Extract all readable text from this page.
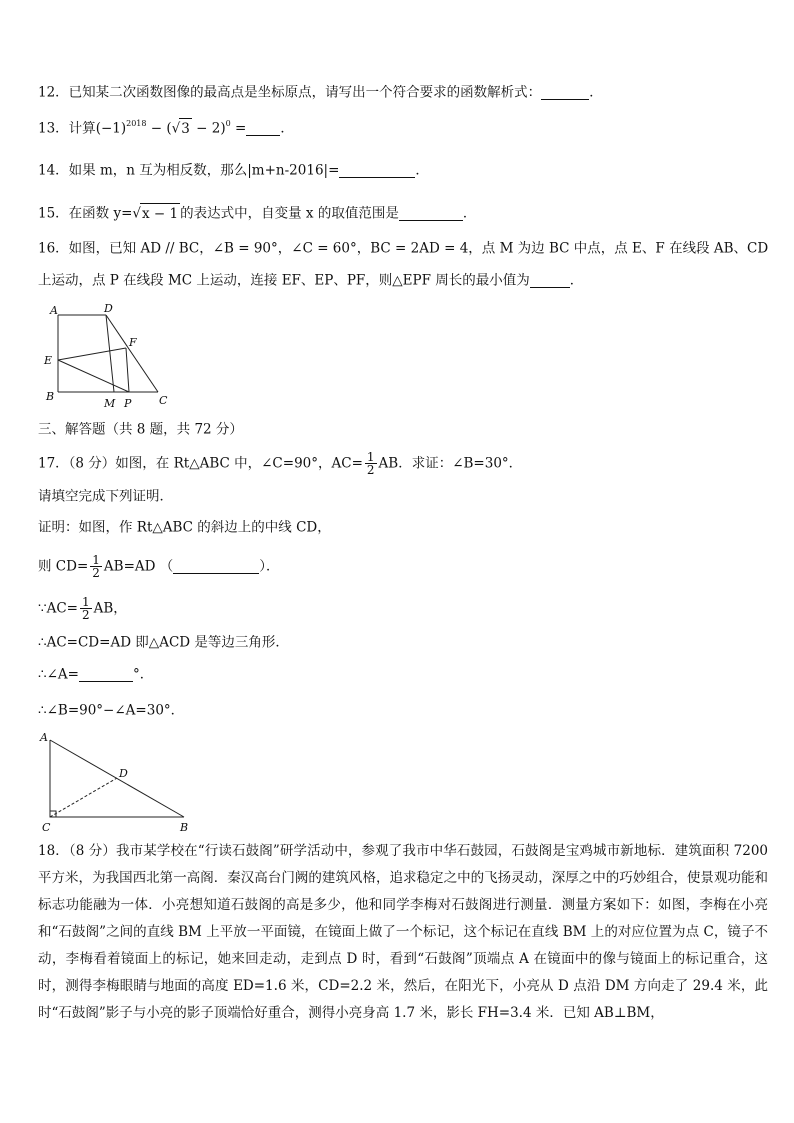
12．已知某二次函数图像的最高点是坐标原点，请写出一个符合要求的函数解析式：	．
13．计算$(-1)^{2018} - (√3 - 2)^0$ =	．
14．如果 m，n 互为相反数，那么|m+n-2016|=	．
15．在函数 y=√x − 1 的表达式中，自变量 x 的取值范围是	．
16．如图，已知 AD // BC，∠B = 90°，∠C = 60°，BC = 2AD = 4，点 M 为边 BC 中点，点 E、F 在线段 AB、CD
上运动，点 P 在线段 MC 上运动，连接 EF、EP、PF，则△EPF 周长的最小值为	．
A	D
F
E
B
M P	C
三、解答题（共 8 题，共 72 分）
17．（8 分）如图，在 Rt△ABC 中，∠C=90°，$AC= \frac{1}{2}$ AB．求证：∠B=30°．
请填空完成下列证明．
证明：如图，作 Rt△ABC 的斜边上的中线 CD，
则 $CD= \frac{1}{2} AB=AD$ （	）．
∵AC= $\frac{1}{2}$ AB，
∴AC=CD=AD 即△ACD 是等边三角形．
∴∠A=	°．
∴∠B=90°−∠A=30°．
A
D
C	B
18．（8 分）我市某学校在“行读石鼓阁”研学活动中，参观了我市中华石鼓园，石鼓阁是宝鸡城市新地标．建筑面积 7200 平方米，为我国西北第一高阁．秦汉高台门阙的建筑风格，追求稳定之中的飞扬灵动，深厚之中的巧妙组合，使景观功能和标志功能融为一体．小亮想知道石鼓阁的高是多少，他和同学李梅对石鼓阁进行测量．测量方案如下：如图，李梅在小亮和“石鼓阁”之间的直线 BM 上平放一平面镜，在镜面上做了一个标记，这个标记在直线 BM 上的对应位置为点 C，镜子不动，李梅看着镜面上的标记，她来回走动，走到点 D 时，看到“石鼓阁”顶端点 A 在镜面中的像与镜面上的标记重合，这时，测得李梅眼睛与地面的高度 ED=1.6 米，CD=2.2 米，然后，在阳光下，小亮从 D 点沿 DM 方向走了 29.4 米，此时“石鼓阁”影子与小亮的影子顶端恰好重合，测得小亮身高 1.7 米，影长 FH=3.4 米．已知 AB⊥BM，
